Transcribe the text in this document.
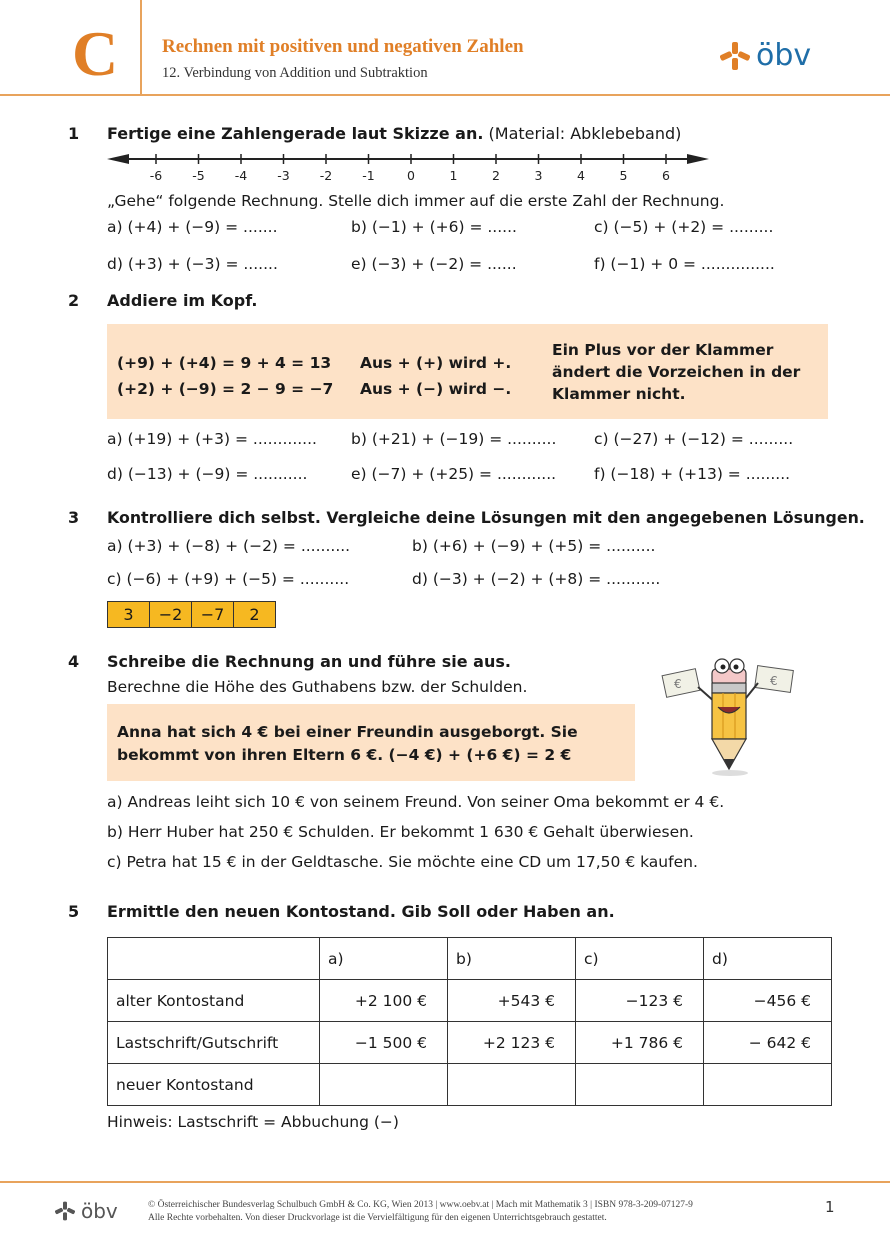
C Rechnen mit positiven und negativen Zahlen
12. Verbindung von Addition und Subtraktion	öbv
1 Fertige eine Zahlengerade laut Skizze an. (Material: Abklebeband)
-6 -5 -4 -3 -2 -1	0	1	2	3	4	5	6
„Gehe“ folgende Rechnung. Stelle dich immer auf die erste Zahl der Rechnung.
a) (+4) + (−9) = .......	b) (−1) + (+6) = ......	c) (−5) + (+2) = .........
d) (+3) + (−3) = .......	e) (−3) + (−2) = ......	f) (−1) + 0 = ...............
2 Addiere im Kopf.
(+9) + (+4) = 9 + 4 = 13
(+2) + (−9) = 2 − 9 = −7
Aus + (+) wird +.
Aus + (−) wird −.
Ein Plus vor der Klammer ändert die Vorzeichen in der Klammer nicht.
a) (+19) + (+3) = ............. b) (+21) + (−19) = .......... c) (−27) + (−12) = .........
d) (−13) + (−9) = ...........	e) (−7) + (+25) = ............ f) (−18) + (+13) = .........
3 Kontrolliere dich selbst. Vergleiche deine Lösungen mit den angegebenen Lösungen.
a) (+3) + (−8) + (−2) = ..........	b) (+6) + (−9) + (+5) = ..........
c) (−6) + (+9) + (−5) = ..........	d) (−3) + (−2) + (+8) = ...........
3	−2	−7	2
4 Schreibe die Rechnung an und führe sie aus.
Berechne die Höhe des Guthabens bzw. der Schulden.
Anna hat sich 4 € bei einer Freundin ausgeborgt. Sie bekommt von ihren Eltern 6 €. (−4 €) + (+6 €) = 2 €
€	€
a) Andreas leiht sich 10 € von seinem Freund. Von seiner Oma bekommt er 4 €.
b) Herr Huber hat 250 € Schulden. Er bekommt 1 630 € Gehalt überwiesen.
c) Petra hat 15 € in der Geldtasche. Sie möchte eine CD um 17,50 € kaufen.
5 Ermittle den neuen Kontostand. Gib Soll oder Haben an.
	a)	b)	c)	d)
alter Kontostand	+2 100 €	+543 €	−123 €	−456 €
Lastschrift/Gutschrift	−1 500 €	+2 123 €	+1 786 €	− 642 €
neuer Kontostand				
Hinweis: Lastschrift = Abbuchung (−)
öbv	© Österreichischer Bundesverlag Schulbuch GmbH & Co. KG, Wien 2013 | www.oebv.at | Mach mit Mathematik 3 | ISBN 978-3-209-07127-9
Alle Rechte vorbehalten. Von dieser Druckvorlage ist die Vervielfältigung für den eigenen Unterrichtsgebrauch gestattet.
1
